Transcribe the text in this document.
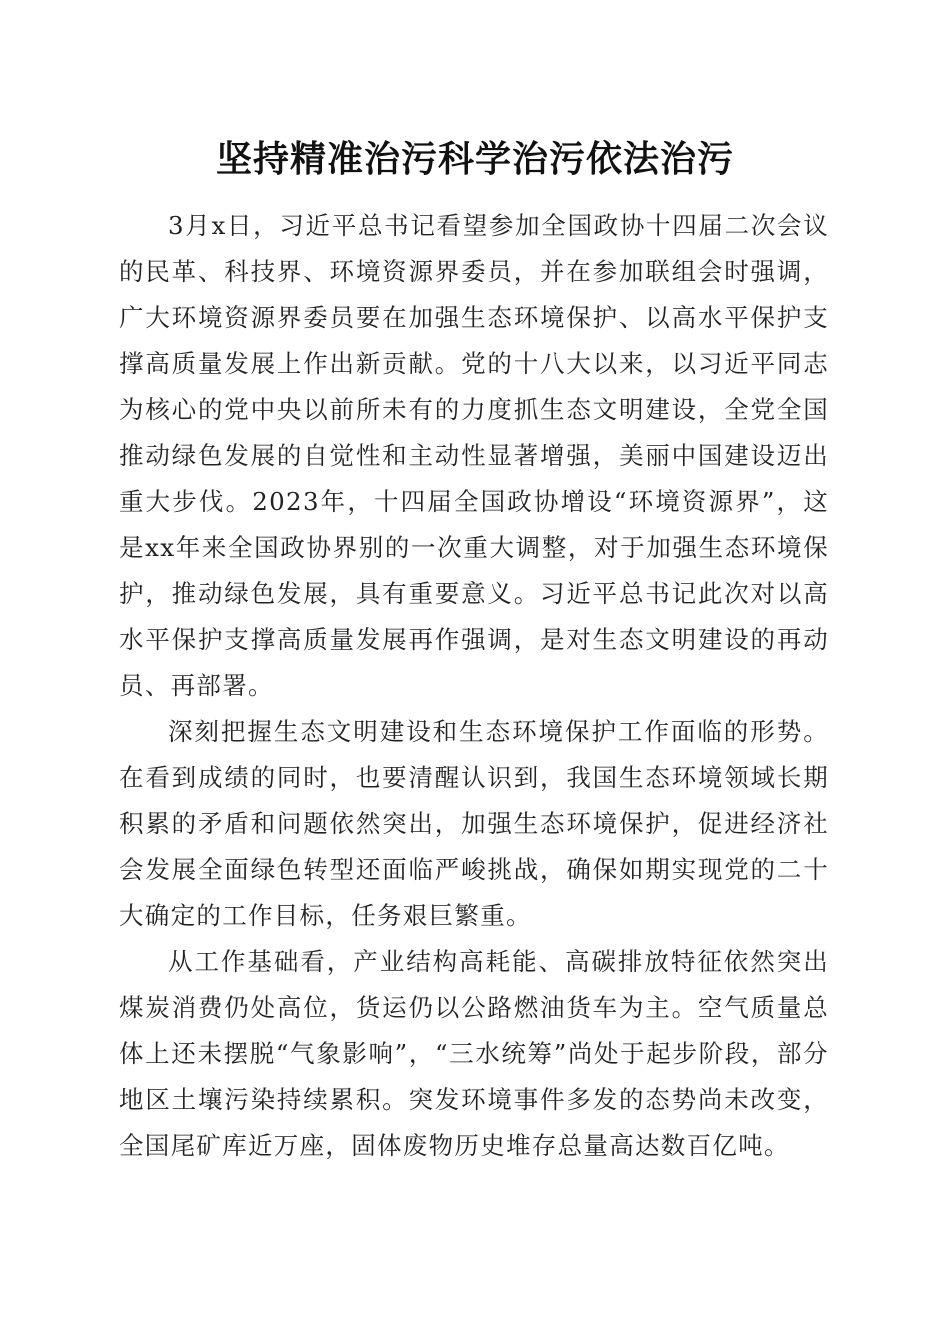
坚持精准治污科学治污依法治污

3月x日，习近平总书记看望参加全国政协十四届二次会议的民革、科技界、环境资源界委员，并在参加联组会时强调，广大环境资源界委员要在加强生态环境保护、以高水平保护支撑高质量发展上作出新贡献。党的十八大以来，以习近平同志为核心的党中央以前所未有的力度抓生态文明建设，全党全国推动绿色发展的自觉性和主动性显著增强，美丽中国建设迈出重大步伐。2023年，十四届全国政协增设“环境资源界”，这是xx年来全国政协界别的一次重大调整，对于加强生态环境保护，推动绿色发展，具有重要意义。习近平总书记此次对以高水平保护支撑高质量发展再作强调，是对生态文明建设的再动员、再部署。

深刻把握生态文明建设和生态环境保护工作面临的形势。在看到成绩的同时，也要清醒认识到，我国生态环境领域长期积累的矛盾和问题依然突出，加强生态环境保护，促进经济社会发展全面绿色转型还面临严峻挑战，确保如期实现党的二十大确定的工作目标，任务艰巨繁重。

从工作基础看，产业结构高耗能、高碳排放特征依然突出煤炭消费仍处高位，货运仍以公路燃油货车为主。空气质量总体上还未摆脱“气象影响”，“三水统筹”尚处于起步阶段，部分地区土壤污染持续累积。突发环境事件多发的态势尚未改变，全国尾矿库近万座，固体废物历史堆存总量高达数百亿吨。
